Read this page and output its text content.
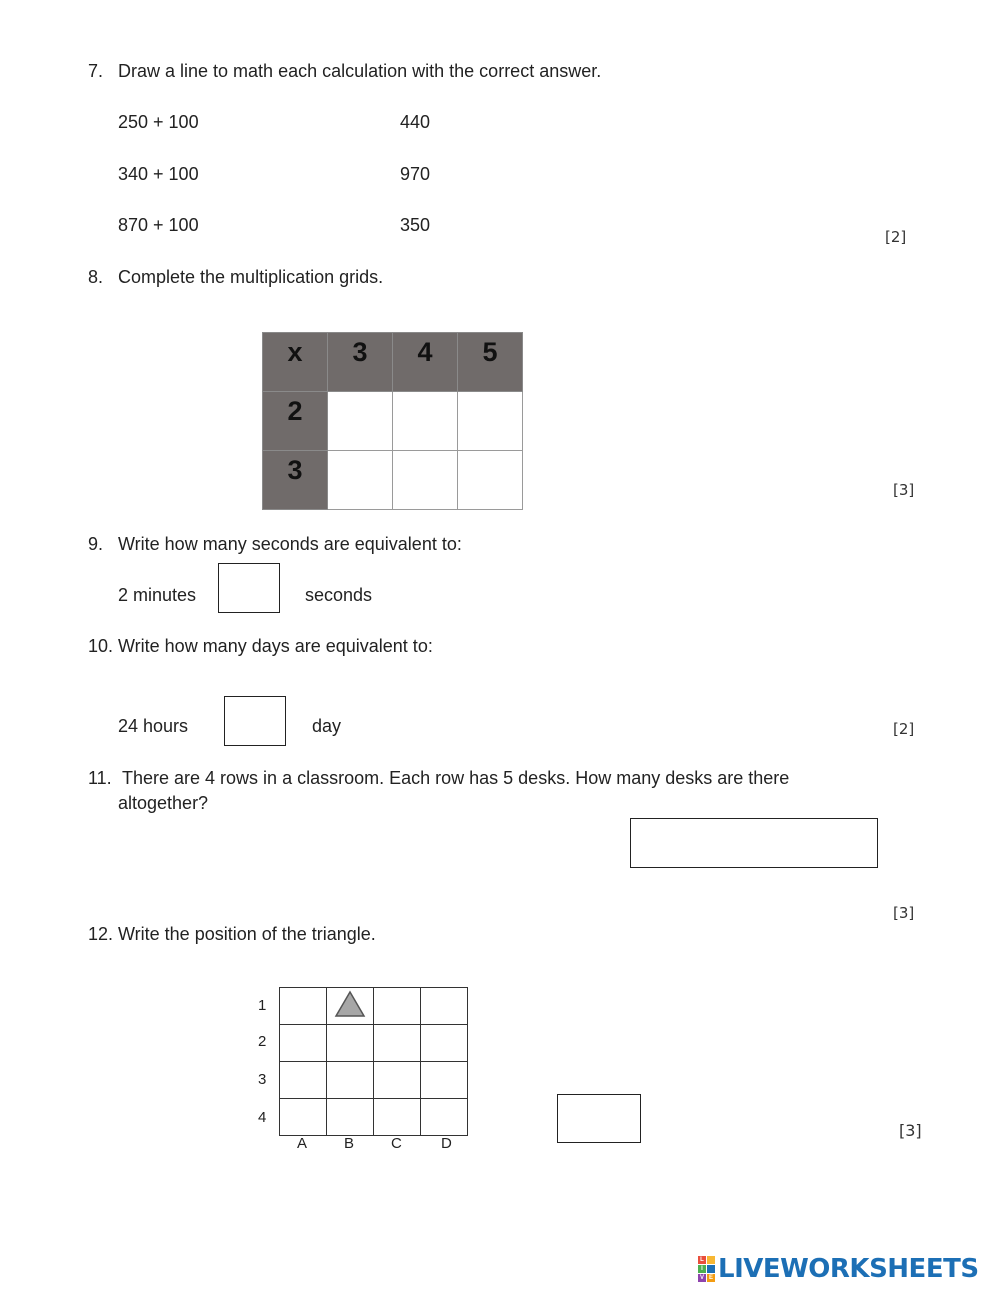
7. Draw a line to math each calculation with the correct answer.
250 + 100
340 + 100
870 + 100
440
970
350
[2]
8. Complete the multiplication grids.
x	3	4	5
2			
3			
[3]
9. Write how many seconds are equivalent to:
2 minutes	seconds
10. Write how many days are equivalent to:
24 hours	day	[2]
11. There are 4 rows in a classroom. Each row has 5 desks. How many desks are there
altogether?
[3]
12. Write the position of the triangle.
1
2
3
4

A B C	D
[3]
L
I
V E LIVEWORKSHEETS
